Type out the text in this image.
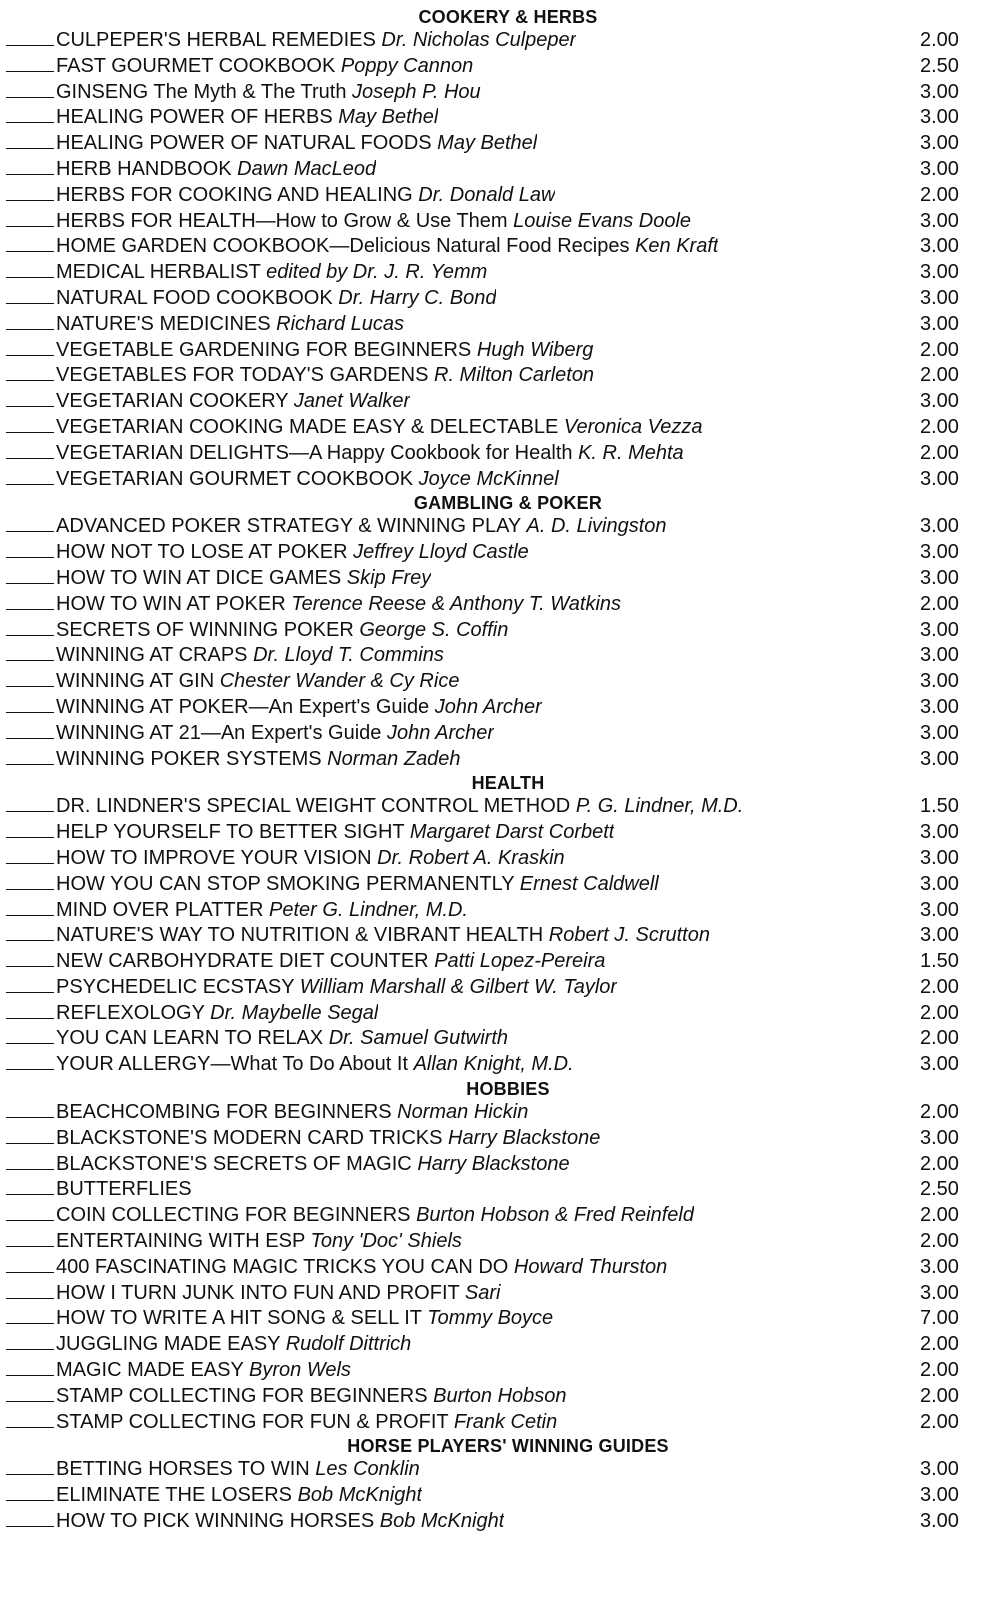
COOKERY & HERBS
CULPEPER'S HERBAL REMEDIES Dr. Nicholas Culpeper	2.00
FAST GOURMET COOKBOOK Poppy Cannon	2.50
GINSENG The Myth & The Truth Joseph P. Hou	3.00
HEALING POWER OF HERBS May Bethel	3.00
HEALING POWER OF NATURAL FOODS May Bethel	3.00
HERB HANDBOOK Dawn MacLeod	3.00
HERBS FOR COOKING AND HEALING Dr. Donald Law	2.00
HERBS FOR HEALTH—How to Grow & Use Them Louise Evans Doole	3.00
HOME GARDEN COOKBOOK—Delicious Natural Food Recipes Ken Kraft	3.00
MEDICAL HERBALIST edited by Dr. J. R. Yemm	3.00
NATURAL FOOD COOKBOOK Dr. Harry C. Bond	3.00
NATURE'S MEDICINES Richard Lucas	3.00
VEGETABLE GARDENING FOR BEGINNERS Hugh Wiberg	2.00
VEGETABLES FOR TODAY'S GARDENS R. Milton Carleton	2.00
VEGETARIAN COOKERY Janet Walker	3.00
VEGETARIAN COOKING MADE EASY & DELECTABLE Veronica Vezza	2.00
VEGETARIAN DELIGHTS—A Happy Cookbook for Health K. R. Mehta	2.00
VEGETARIAN GOURMET COOKBOOK Joyce McKinnel	3.00
GAMBLING & POKER
ADVANCED POKER STRATEGY & WINNING PLAY A. D. Livingston	3.00
HOW NOT TO LOSE AT POKER Jeffrey Lloyd Castle	3.00
HOW TO WIN AT DICE GAMES Skip Frey	3.00
HOW TO WIN AT POKER Terence Reese & Anthony T. Watkins	2.00
SECRETS OF WINNING POKER George S. Coffin	3.00
WINNING AT CRAPS Dr. Lloyd T. Commins	3.00
WINNING AT GIN Chester Wander & Cy Rice	3.00
WINNING AT POKER—An Expert's Guide John Archer	3.00
WINNING AT 21—An Expert's Guide John Archer	3.00
WINNING POKER SYSTEMS Norman Zadeh	3.00
HEALTH
DR. LINDNER'S SPECIAL WEIGHT CONTROL METHOD P. G. Lindner, M.D.	1.50
HELP YOURSELF TO BETTER SIGHT Margaret Darst Corbett	3.00
HOW TO IMPROVE YOUR VISION Dr. Robert A. Kraskin	3.00
HOW YOU CAN STOP SMOKING PERMANENTLY Ernest Caldwell	3.00
MIND OVER PLATTER Peter G. Lindner, M.D.	3.00
NATURE'S WAY TO NUTRITION & VIBRANT HEALTH Robert J. Scrutton	3.00
NEW CARBOHYDRATE DIET COUNTER Patti Lopez-Pereira	1.50
PSYCHEDELIC ECSTASY William Marshall & Gilbert W. Taylor	2.00
REFLEXOLOGY Dr. Maybelle Segal	2.00
YOU CAN LEARN TO RELAX Dr. Samuel Gutwirth	2.00
YOUR ALLERGY—What To Do About It Allan Knight, M.D.	3.00
HOBBIES
BEACHCOMBING FOR BEGINNERS Norman Hickin	2.00
BLACKSTONE'S MODERN CARD TRICKS Harry Blackstone	3.00
BLACKSTONE'S SECRETS OF MAGIC Harry Blackstone	2.00
BUTTERFLIES	2.50
COIN COLLECTING FOR BEGINNERS Burton Hobson & Fred Reinfeld	2.00
ENTERTAINING WITH ESP Tony 'Doc' Shiels	2.00
400 FASCINATING MAGIC TRICKS YOU CAN DO Howard Thurston	3.00
HOW I TURN JUNK INTO FUN AND PROFIT Sari	3.00
HOW TO WRITE A HIT SONG & SELL IT Tommy Boyce	7.00
JUGGLING MADE EASY Rudolf Dittrich	2.00
MAGIC MADE EASY Byron Wels	2.00
STAMP COLLECTING FOR BEGINNERS Burton Hobson	2.00
STAMP COLLECTING FOR FUN & PROFIT Frank Cetin	2.00
HORSE PLAYERS' WINNING GUIDES
BETTING HORSES TO WIN Les Conklin	3.00
ELIMINATE THE LOSERS Bob McKnight	3.00
HOW TO PICK WINNING HORSES Bob McKnight	3.00
